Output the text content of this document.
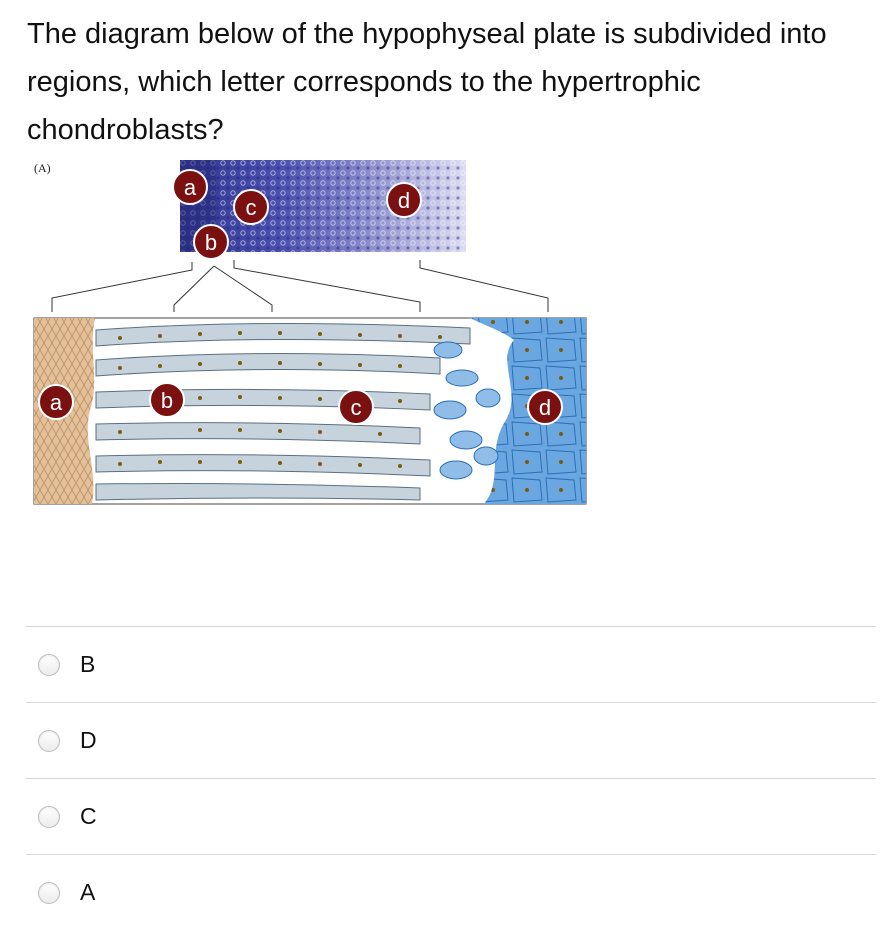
The diagram below of the hypophyseal plate is subdivided into regions, which letter corresponds to the hypertrophic chondroblasts?

(A)
a
c	d
b
a	b	c	d
B
D
C
A
